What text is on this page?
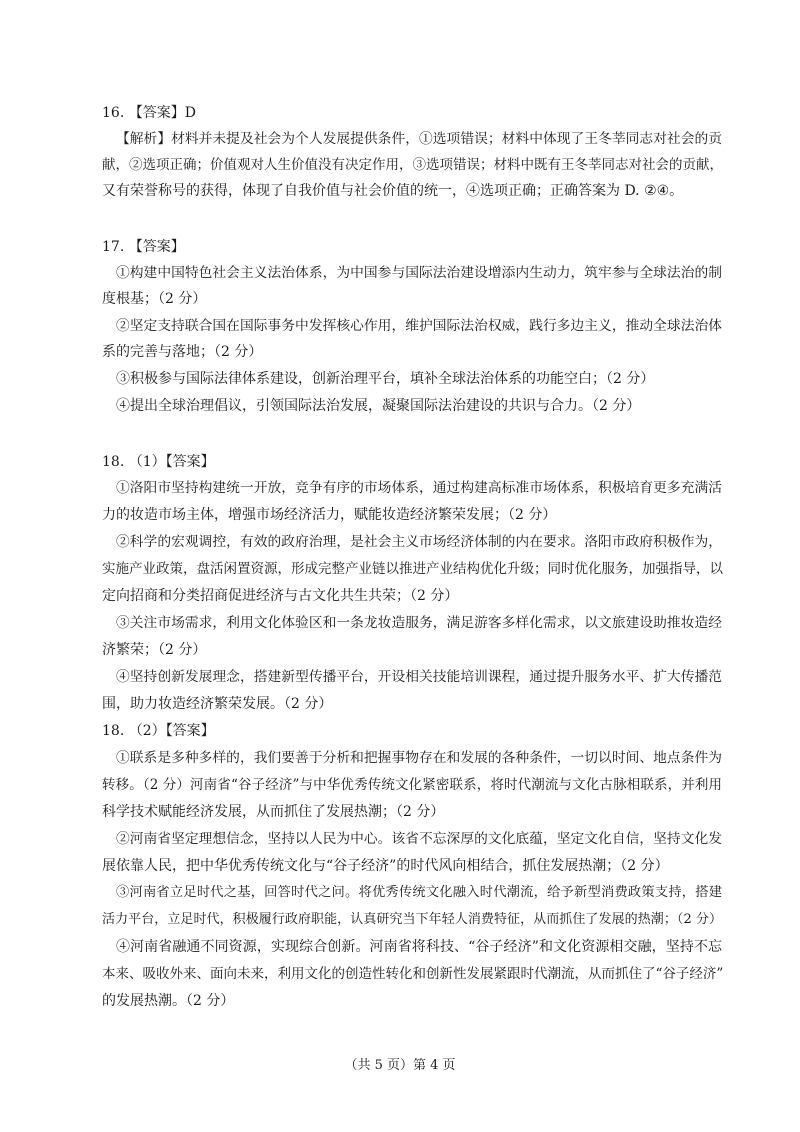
16. 【答案】D
【解析】材料并未提及社会为个人发展提供条件，①选项错误；材料中体现了王冬莘同志对社会的贡
献，②选项正确；价值观对人生价值没有决定作用，③选项错误；材料中既有王冬莘同志对社会的贡献，
又有荣誉称号的获得，体现了自我价值与社会价值的统一，④选项正确；正确答案为 D. ②④。
17. 【答案】
①构建中国特色社会主义法治体系，为中国参与国际法治建设增添内生动力，筑牢参与全球法治的制
度根基；（2 分）
②坚定支持联合国在国际事务中发挥核心作用，维护国际法治权威，践行多边主义，推动全球法治体
系的完善与落地；（2 分）
③积极参与国际法律体系建设，创新治理平台，填补全球法治体系的功能空白；（2 分）
④提出全球治理倡议，引领国际法治发展，凝聚国际法治建设的共识与合力。（2 分）
18. （1）【答案】
①洛阳市坚持构建统一开放，竞争有序的市场体系，通过构建高标准市场体系，积极培育更多充满活
力的妆造市场主体，增强市场经济活力，赋能妆造经济繁荣发展；（2 分）
②科学的宏观调控，有效的政府治理，是社会主义市场经济体制的内在要求。洛阳市政府积极作为，
实施产业政策，盘活闲置资源，形成完整产业链以推进产业结构优化升级；同时优化服务，加强指导，以
定向招商和分类招商促进经济与古文化共生共荣；（2 分）
③关注市场需求，利用文化体验区和一条龙妆造服务，满足游客多样化需求，以文旅建设助推妆造经
济繁荣；（2 分）
④坚持创新发展理念，搭建新型传播平台，开设相关技能培训课程，通过提升服务水平、扩大传播范
围，助力妆造经济繁荣发展。（2 分）
18. （2）【答案】
①联系是多种多样的，我们要善于分析和把握事物存在和发展的各种条件，一切以时间、地点条件为
转移。（2 分）河南省“谷子经济”与中华优秀传统文化紧密联系，将时代潮流与文化古脉相联系，并利用
科学技术赋能经济发展，从而抓住了发展热潮；（2 分）
②河南省坚定理想信念，坚持以人民为中心。该省不忘深厚的文化底蕴，坚定文化自信，坚持文化发
展依靠人民，把中华优秀传统文化与“谷子经济”的时代风向相结合，抓住发展热潮；（2 分）
③河南省立足时代之基，回答时代之问。将优秀传统文化融入时代潮流，给予新型消费政策支持，搭建
活力平台，立足时代，积极履行政府职能，认真研究当下年轻人消费特征，从而抓住了发展的热潮；（2 分）
④河南省融通不同资源，实现综合创新。河南省将科技、“谷子经济”和文化资源相交融，坚持不忘
本来、吸收外来、面向未来，利用文化的创造性转化和创新性发展紧跟时代潮流，从而抓住了“谷子经济”
的发展热潮。（2 分）
（共 5 页）第 4 页
